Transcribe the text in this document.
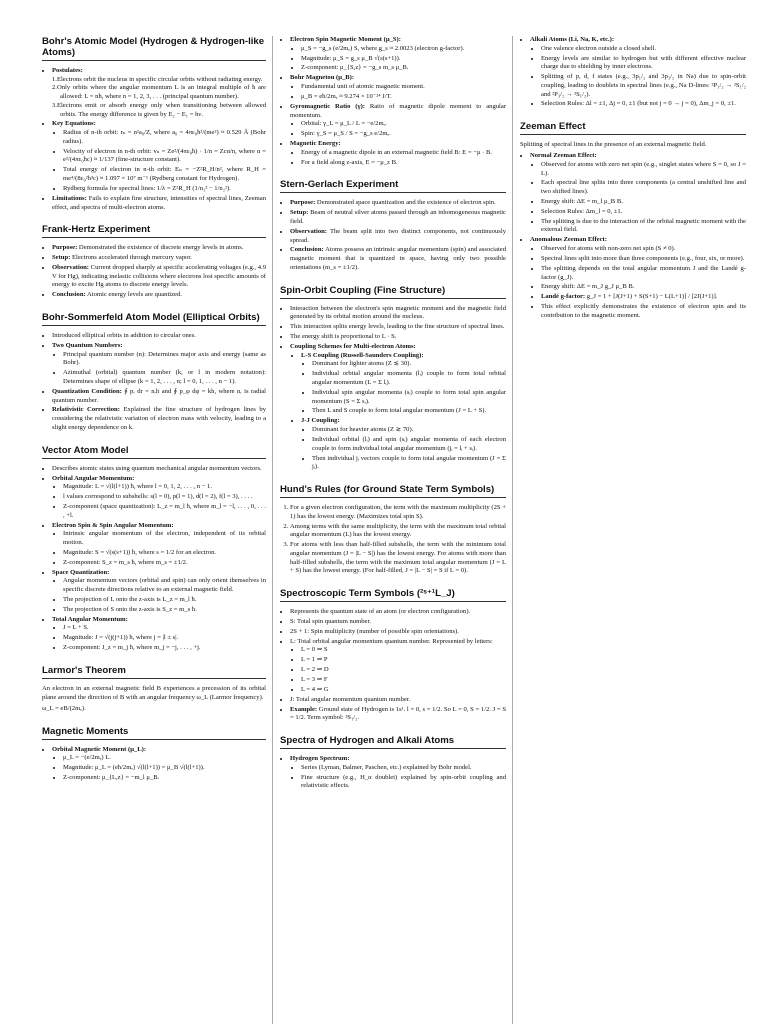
Bohr's Atomic Model (Hydrogen & Hydrogen-like Atoms)
• Postulates:
1.Electrons orbit the nucleus in specific circular orbits without radiating energy.
2.Only orbits where the angular momentum L is an integral multiple of ħ are allowed: L = nħ, where n = 1, 2, 3, . . . (principal quantum number).
3.Electrons emit or absorb energy only when transitioning between allowed orbits. The energy difference is given by E₂ − E₁ = hν.
• Key Equations:
• Radius of n-th orbit: rₙ = n²a₀/Z, where a₀ = 4πε₀ħ²/(me²) ≈ 0.529 Å (Bohr radius).
• Velocity of electron in n-th orbit: vₙ = Ze²/(4πε₀ħ) · 1/n = Zcα/n, where α = e²/(4πε₀ħc) ≈ 1/137 (fine-structure constant).
• Total energy of electron in n-th orbit: Eₙ = −Z²R_H/n², where R_H = me⁴/(8ε₀²h³c) ≈ 1.097 × 10⁷ m⁻¹ (Rydberg constant for Hydrogen).
• Rydberg formula for spectral lines: 1/λ = Z²R_H (1/n₁² − 1/n₂²).
• Limitations: Fails to explain fine structure, intensities of spectral lines, Zeeman effect, and spectra of multi-electron atoms.
Frank-Hertz Experiment
• Purpose: Demonstrated the existence of discrete energy levels in atoms.
• Setup: Electrons accelerated through mercury vapor.
• Observation: Current dropped sharply at specific accelerating voltages (e.g., 4.9 V for Hg), indicating inelastic collisions where electrons lost specific amounts of energy to excite Hg atoms to discrete energy levels.
• Conclusion: Atomic energy levels are quantized.
Bohr-Sommerfeld Atom Model (Elliptical Orbits)
• Introduced elliptical orbits in addition to circular ones.
• Two Quantum Numbers:
• Principal quantum number (n): Determines major axis and energy (same as Bohr).
• Azimuthal (orbital) quantum number (k, or l in modern notation): Determines shape of ellipse (k = 1, 2, . . . , n; l = 0, 1, . . . , n − 1).
• Quantization Condition: ∮ pᵣ dr = nᵣh and ∮ p_φ dφ = kh, where nᵣ is radial quantum number.
• Relativistic Correction: Explained the fine structure of hydrogen lines by considering the relativistic variation of electron mass with velocity, leading to a slight energy dependence on k.
Vector Atom Model
• Describes atomic states using quantum mechanical angular momentum vectors.
• Orbital Angular Momentum:
• Magnitude: L = √(l(l+1)) ħ, where l = 0, 1, 2, . . . , n − 1.
• l values correspond to subshells: s(l = 0), p(l = 1), d(l = 2), f(l = 3), . . . .
• Z-component (space quantization): L_z = m_l ħ, where m_l = −l, . . . , 0, . . . , +l.
• Electron Spin & Spin Angular Momentum:
• Intrinsic angular momentum of the electron, independent of its orbital motion.
• Magnitude: S = √(s(s+1)) ħ, where s = 1/2 for an electron.
• Z-component: S_z = m_s ħ, where m_s = ±1/2.
• Space Quantization:
• Angular momentum vectors (orbital and spin) can only orient themselves in specific discrete directions relative to an external magnetic field.
• The projection of L onto the z-axis is L_z = m_l ħ.
• The projection of S onto the z-axis is S_z = m_s ħ.
• Total Angular Momentum:
• J = L + S.
• Magnitude: J = √(j(j+1)) ħ, where j = |l ± s|.
• Z-component: J_z = m_j ħ, where m_j = −j, . . . , +j.
Larmor's Theorem

An electron in an external magnetic field B experiences a precession of its orbital plane around the direction of B with an angular frequency ω_L (Larmor frequency).

ω_L = eB/(2mₑ).

Magnetic Moments
• Orbital Magnetic Moment (μ_L):
• μ_L = −(e/2mₑ) L.
• Magnitude: μ_L = (eħ/2mₑ) √(l(l+1)) = μ_B √(l(l+1)).
• Z-component: μ_{L,z} = −m_l μ_B.
• Electron Spin Magnetic Moment (μ_S):
• μ_S = −g_s (e/2mₑ) S, where g_s ≈ 2.0023 (electron g-factor).
• Magnitude: μ_S = g_s μ_B √(s(s+1)).
• Z-component: μ_{S,z} = −g_s m_s μ_B.
• Bohr Magneton (μ_B):
• Fundamental unit of atomic magnetic moment.
• μ_B = eħ/2mₑ ≈ 9.274 × 10⁻²⁴ J/T.
• Gyromagnetic Ratio (γ): Ratio of magnetic dipole moment to angular momentum.
• Orbital: γ_L = μ_L / L = −e/2mₑ.
• Spin: γ_S = μ_S / S = −g_s e/2mₑ.
• Magnetic Energy:
• Energy of a magnetic dipole in an external magnetic field B: E = −μ · B.
• For a field along z-axis, E = −μ_z B.
Stern-Gerlach Experiment
• Purpose: Demonstrated space quantization and the existence of electron spin.
• Setup: Beam of neutral silver atoms passed through an inhomogeneous magnetic field.
• Observation: The beam split into two distinct components, not continuously spread.
• Conclusion: Atoms possess an intrinsic angular momentum (spin) and associated magnetic moment that is quantized in space, having only two possible orientations (m_s = ±1/2).
Spin-Orbit Coupling (Fine Structure)
• Interaction between the electron's spin magnetic moment and the magnetic field generated by its orbital motion around the nucleus.
• This interaction splits energy levels, leading to the fine structure of spectral lines.
• The energy shift is proportional to L · S.
• Coupling Schemes for Multi-electron Atoms:
• L-S Coupling (Russell-Saunders Coupling):
• Dominant for lighter atoms (Z ≲ 30).
• Individual orbital angular momenta (lᵢ) couple to form total orbital angular momentum (L = Σ lᵢ).
• Individual spin angular momenta (sᵢ) couple to form total spin angular momentum (S = Σ sᵢ).
• Then L and S couple to form total angular momentum (J = L + S).
• J-J Coupling:
• Dominant for heavier atoms (Z ≳ 70).
• Individual orbital (lᵢ) and spin (sᵢ) angular momenta of each electron couple to form individual total angular momentum (jᵢ = lᵢ + sᵢ).
• Then individual jᵢ vectors couple to form total angular momentum (J = Σ jᵢ).
Hund's Rules (for Ground State Term Symbols)
1. For a given electron configuration, the term with the maximum multiplicity (2S + 1) has the lowest energy. (Maximizes total spin S).
2. Among terms with the same multiplicity, the term with the maximum total orbital angular momentum (L) has the lowest energy.
3. For atoms with less than half-filled subshells, the term with the minimum total angular momentum (J = |L − S|) has the lowest energy. For atoms with more than half-filled subshells, the term with the maximum total angular momentum (J = L + S) has the lowest energy. (For half-filled, J = |L − S| = S if L = 0).
Spectroscopic Term Symbols (²ˢ⁺¹L_J)
• Represents the quantum state of an atom (or electron configuration).
• S: Total spin quantum number.
• 2S + 1: Spin multiplicity (number of possible spin orientations).
• L: Total orbital angular momentum quantum number. Represented by letters:
• L = 0 ⇒ S
• L = 1 ⇒ P
• L = 2 ⇒ D
• L = 3 ⇒ F
• L = 4 ⇒ G
• J: Total angular momentum quantum number.
• Example: Ground state of Hydrogen is 1s¹. l = 0, s = 1/2. So L = 0, S = 1/2. J = S = 1/2. Term symbol: ²S₁/₂.
Spectra of Hydrogen and Alkali Atoms
• Hydrogen Spectrum:
• Series (Lyman, Balmer, Paschen, etc.) explained by Bohr model.
• Fine structure (e.g., H_α doublet) explained by spin-orbit coupling and relativistic effects.
• Alkali Atoms (Li, Na, K, etc.):
• One valence electron outside a closed shell.
• Energy levels are similar to hydrogen but with different effective nuclear charge due to shielding by inner electrons.
• Splitting of p, d, f states (e.g., 3p₁/₂ and 3p₃/₂ in Na) due to spin-orbit coupling, leading to doublets in spectral lines (e.g., Na D-lines: ²P₁/₂ → ²S₁/₂ and ²P₃/₂ → ²S₁/₂).
• Selection Rules: Δl = ±1, Δj = 0, ±1 (but not j = 0 → j = 0), Δm_j = 0, ±1.
Zeeman Effect

Splitting of spectral lines in the presence of an external magnetic field.

• Normal Zeeman Effect:
• Observed for atoms with zero net spin (e.g., singlet states where S = 0, so J = L).
• Each spectral line splits into three components (a central unshifted line and two shifted lines).
• Energy shift: ΔE = m_l μ_B B.
• Selection Rules: Δm_l = 0, ±1.
• The splitting is due to the interaction of the orbital magnetic moment with the external field.
• Anomalous Zeeman Effect:
• Observed for atoms with non-zero net spin (S ≠ 0).
• Spectral lines split into more than three components (e.g., four, six, or more).
• The splitting depends on the total angular momentum J and the Landé g-factor (g_J).
• Energy shift: ΔE = m_J g_J μ_B B.
• Landé g-factor: g_J = 1 + [J(J+1) + S(S+1) − L(L+1)] / [2J(J+1)].
• This effect explicitly demonstrates the existence of electron spin and its contribution to the magnetic moment.
